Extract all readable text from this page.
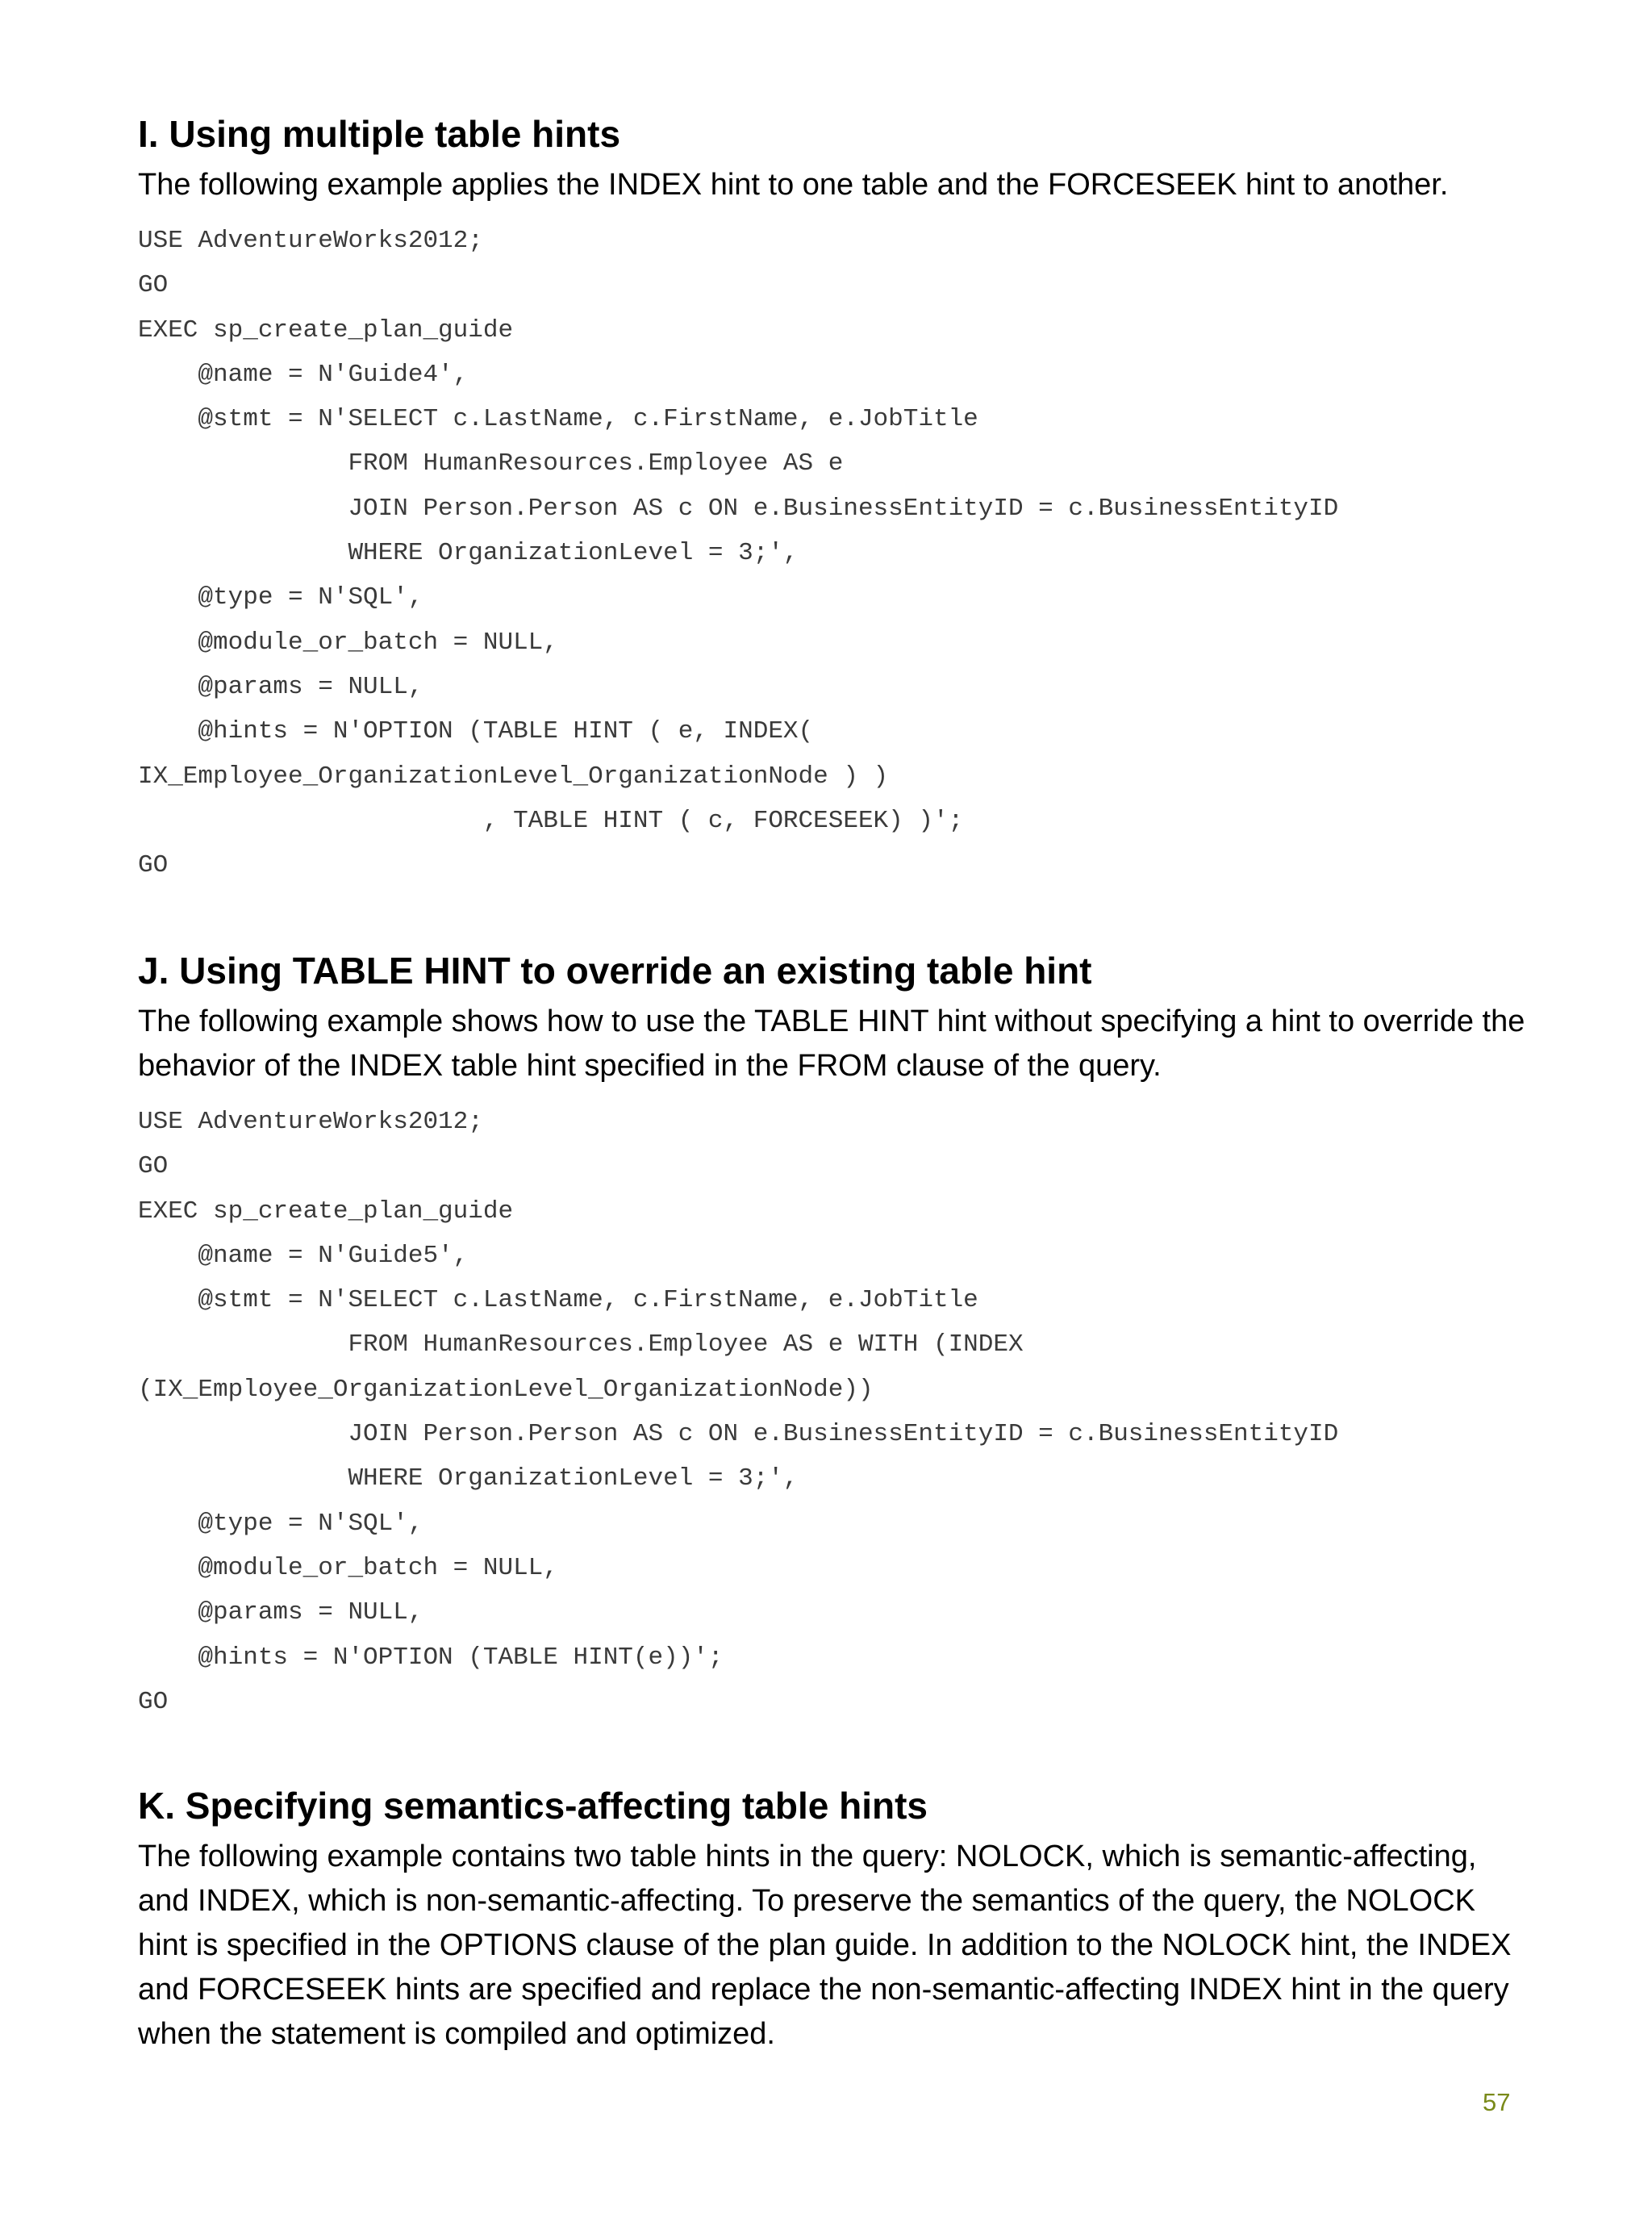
I. Using multiple table hints

The following example applies the INDEX hint to one table and the FORCESEEK hint to another.

USE AdventureWorks2012;
GO
EXEC sp_create_plan_guide
@name = N'Guide4',
@stmt = N'SELECT c.LastName, c.FirstName, e.JobTitle
FROM HumanResources.Employee AS e
JOIN Person.Person AS c ON e.BusinessEntityID = c.BusinessEntityID
WHERE OrganizationLevel = 3;',
@type = N'SQL',
@module_or_batch = NULL,
@params = NULL,
@hints = N'OPTION (TABLE HINT ( e, INDEX(
IX_Employee_OrganizationLevel_OrganizationNode ) )
, TABLE HINT ( c, FORCESEEK) )';
GO
J. Using TABLE HINT to override an existing table hint

The following example shows how to use the TABLE HINT hint without specifying a hint to override the behavior of the INDEX table hint specified in the FROM clause of the query.

USE AdventureWorks2012;
GO
EXEC sp_create_plan_guide
@name = N'Guide5',
@stmt = N'SELECT c.LastName, c.FirstName, e.JobTitle
FROM HumanResources.Employee AS e WITH (INDEX
(IX_Employee_OrganizationLevel_OrganizationNode))
JOIN Person.Person AS c ON e.BusinessEntityID = c.BusinessEntityID
WHERE OrganizationLevel = 3;',
@type = N'SQL',
@module_or_batch = NULL,
@params = NULL,
@hints = N'OPTION (TABLE HINT(e))';
GO
K. Specifying semantics-affecting table hints

The following example contains two table hints in the query: NOLOCK, which is semantic-affecting, and INDEX, which is non-semantic-affecting. To preserve the semantics of the query, the NOLOCK hint is specified in the OPTIONS clause of the plan guide. In addition to the NOLOCK hint, the INDEX and FORCESEEK hints are specified and replace the non-semantic-affecting INDEX hint in the query when the statement is compiled and optimized.

57
